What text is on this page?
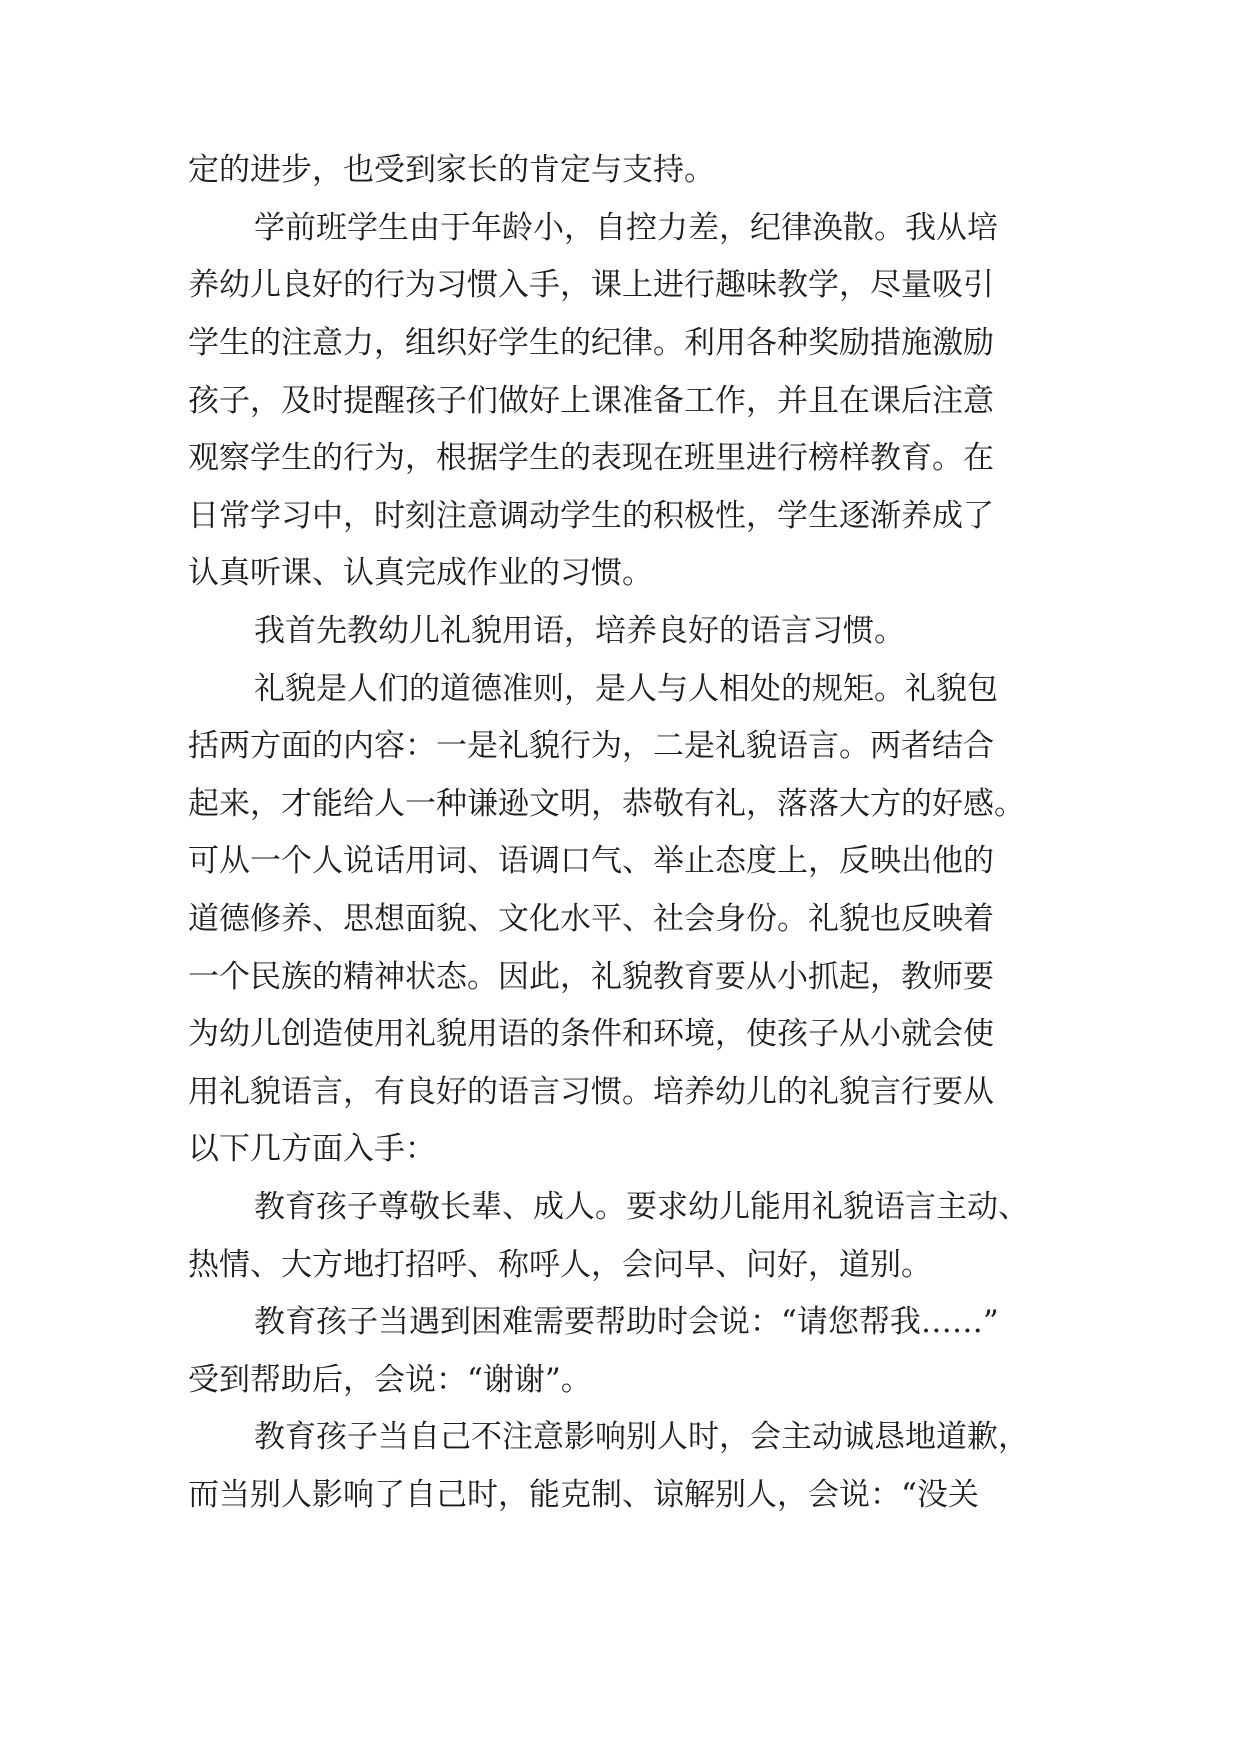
定的进步，也受到家长的肯定与支持。
学前班学生由于年龄小，自控力差，纪律涣散。我从培
养幼儿良好的行为习惯入手，课上进行趣味教学，尽量吸引
学生的注意力，组织好学生的纪律。利用各种奖励措施激励
孩子，及时提醒孩子们做好上课准备工作，并且在课后注意
观察学生的行为，根据学生的表现在班里进行榜样教育。在
日常学习中，时刻注意调动学生的积极性，学生逐渐养成了
认真听课、认真完成作业的习惯。
我首先教幼儿礼貌用语，培养良好的语言习惯。
礼貌是人们的道德准则，是人与人相处的规矩。礼貌包
括两方面的内容：一是礼貌行为，二是礼貌语言。两者结合
起来，才能给人一种谦逊文明，恭敬有礼，落落大方的好感。
可从一个人说话用词、语调口气、举止态度上，反映出他的
道德修养、思想面貌、文化水平、社会身份。礼貌也反映着
一个民族的精神状态。因此，礼貌教育要从小抓起，教师要
为幼儿创造使用礼貌用语的条件和环境，使孩子从小就会使
用礼貌语言，有良好的语言习惯。培养幼儿的礼貌言行要从
以下几方面入手：
教育孩子尊敬长辈、成人。要求幼儿能用礼貌语言主动、
热情、大方地打招呼、称呼人，会问早、问好，道别。
教育孩子当遇到困难需要帮助时会说：“请您帮我……”
受到帮助后，会说：“谢谢”。
教育孩子当自己不注意影响别人时，会主动诚恳地道歉，
而当别人影响了自己时，能克制、谅解别人，会说：“没关
